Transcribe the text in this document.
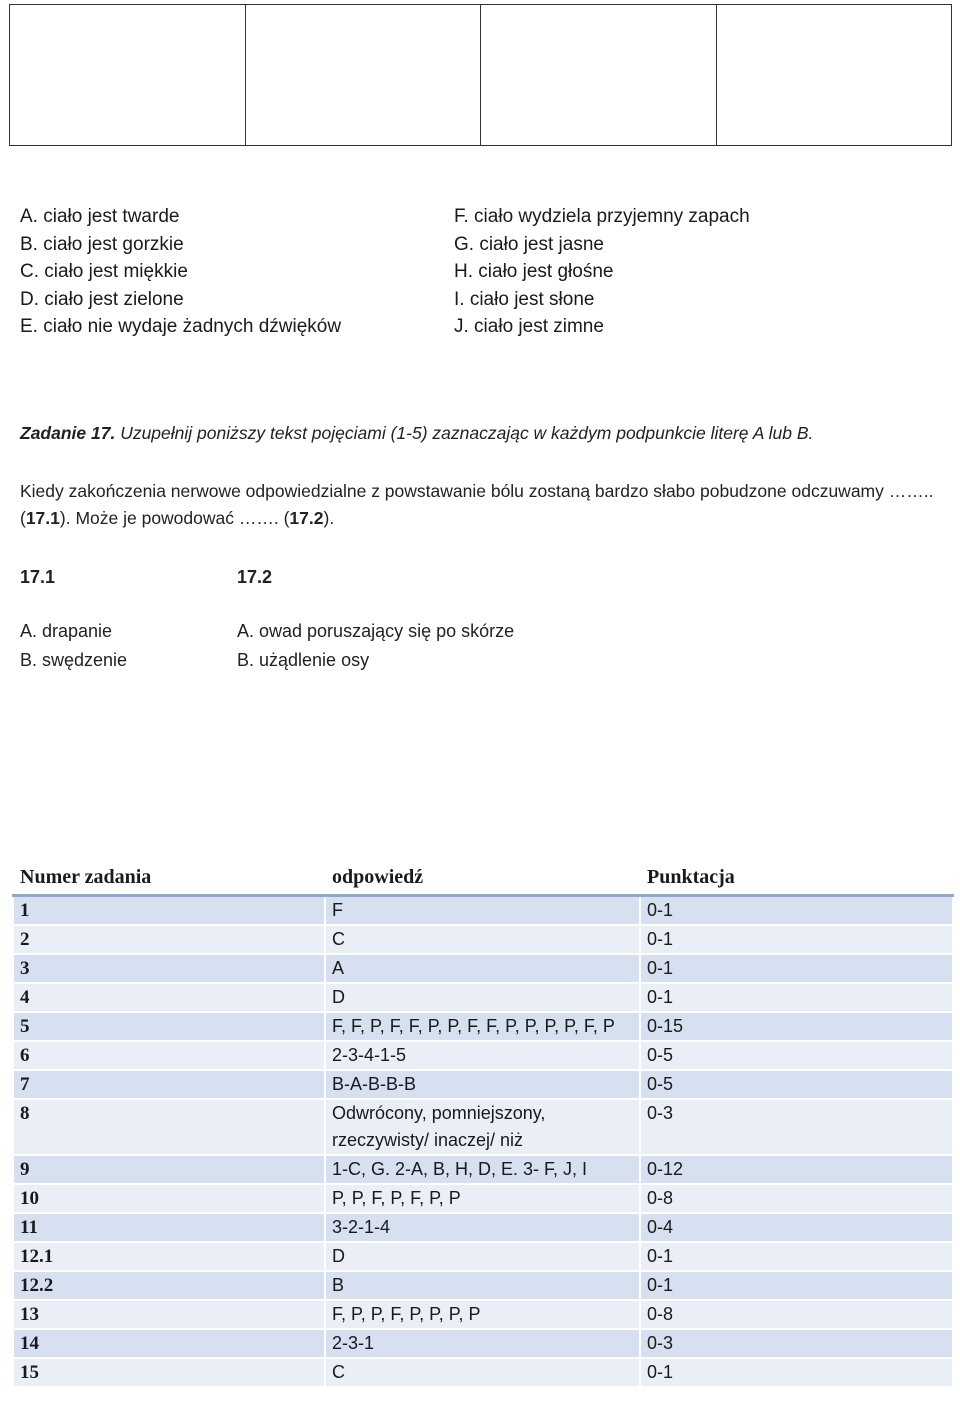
A. ciało jest twarde
B. ciało jest gorzkie
C. ciało jest miękkie
D. ciało jest zielone
E. ciało nie wydaje żadnych dźwięków
F. ciało wydziela przyjemny zapach
G. ciało jest jasne
H. ciało jest głośne
I. ciało jest słone
J. ciało jest zimne
Zadanie 17. Uzupełnij poniższy tekst pojęciami (1-5) zaznaczając w każdym podpunkcie literę A lub B.
Kiedy zakończenia nerwowe odpowiedzialne z powstawanie bólu zostaną bardzo słabo pobudzone odczuwamy ……..(17.1). Może je powodować ……. (17.2).
17.1
A. drapanie
B. swędzenie
17.2
A. owad poruszający się po skórze
B. użądlenie osy
Numer zadania	odpowiedź	Punktacja
1	F	0-1
2	C	0-1
3	A	0-1
4	D	0-1
5	F, F, P, F, F, P, P, F, F, P, P, P, P, F, P	0-15
6	2-3-4-1-5	0-5
7	B-A-B-B-B	0-5
8	Odwrócony, pomniejszony, rzeczywisty/ inaczej/ niż	0-3
9	1-C, G. 2-A, B, H, D, E. 3- F, J, I	0-12
10	P, P, F, P, F, P, P	0-8
11	3-2-1-4	0-4
12.1	D	0-1
12.2	B	0-1
13	F, P, P, F, P, P, P, P	0-8
14	2-3-1	0-3
15	C	0-1
